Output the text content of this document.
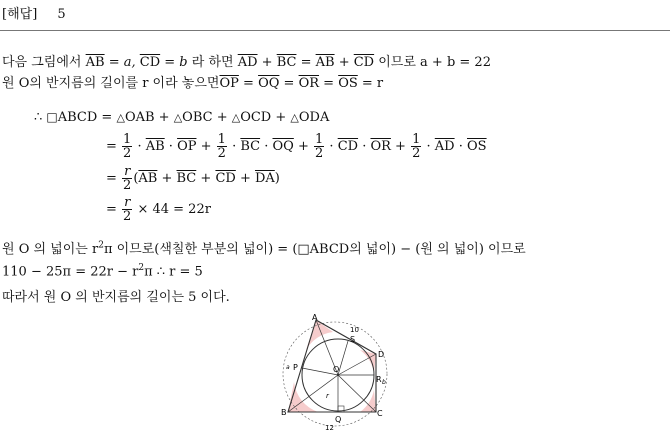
[해답] 5
다음 그림에서 $\overline{AB} = a$, $\overline{CD} = b$ 라 하면 $\overline{AD} + \overline{BC} = \overline{AB} + \overline{CD}$ 이므로 a + b = 22
원 O의 반지름의 길이를 r 이라 놓으면$\overline{OP} = \overline{OQ} = \overline{OR} = \overline{OS} = r$
∴ □ABCD = △OAB + △OBC + △OCD + △ODA
= $\frac{1}{2} \cdot \overline{AB} \cdot \overline{OP} + \frac{1}{2} \cdot \overline{BC} \cdot \overline{OQ} + \frac{1}{2} \cdot \overline{CD} \cdot \overline{OR} + \frac{1}{2} \cdot \overline{AD} \cdot \overline{OS}$
= $\frac{r}{2} (\overline{AB} + \overline{BC} + \overline{CD} + \overline{DA})$
= $\frac{r}{2} \times 44 = 22r$
원 O 의 넓이는 $r^2\pi$ 이므로(색칠한 부분의 넓이) = (□ABCD의 넓이) − (원 의 넓이) 이므로
$110 - 25\pi = 22r - r^2\pi$ ∴ r = 5
따라서 원 O 의 반지름의 길이는 5 이다.
A
B	C
D
O
P
Q
R
S
r
a
b
10
12
